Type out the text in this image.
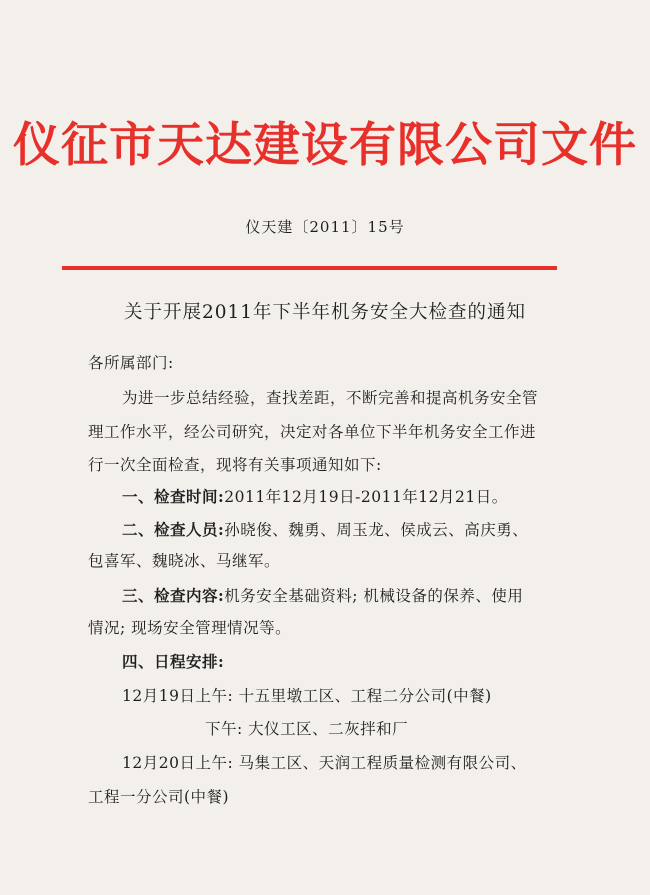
仪征市天达建设有限公司文件
仪天建〔2011〕15号
关于开展2011年下半年机务安全大检查的通知
各所属部门:
为进一步总结经验，查找差距，不断完善和提高机务安全管
理工作水平，经公司研究，决定对各单位下半年机务安全工作进
行一次全面检查，现将有关事项通知如下:
一、检查时间:2011年12月19日-2011年12月21日。
二、检查人员:孙晓俊、魏勇、周玉龙、侯成云、高庆勇、
包喜军、魏晓冰、马继军。
三、检查内容:机务安全基础资料; 机械设备的保养、使用
情况; 现场安全管理情况等。
四、日程安排:
12月19日上午: 十五里墩工区、工程二分公司(中餐)
下午: 大仪工区、二灰拌和厂
12月20日上午: 马集工区、天润工程质量检测有限公司、
工程一分公司(中餐)
